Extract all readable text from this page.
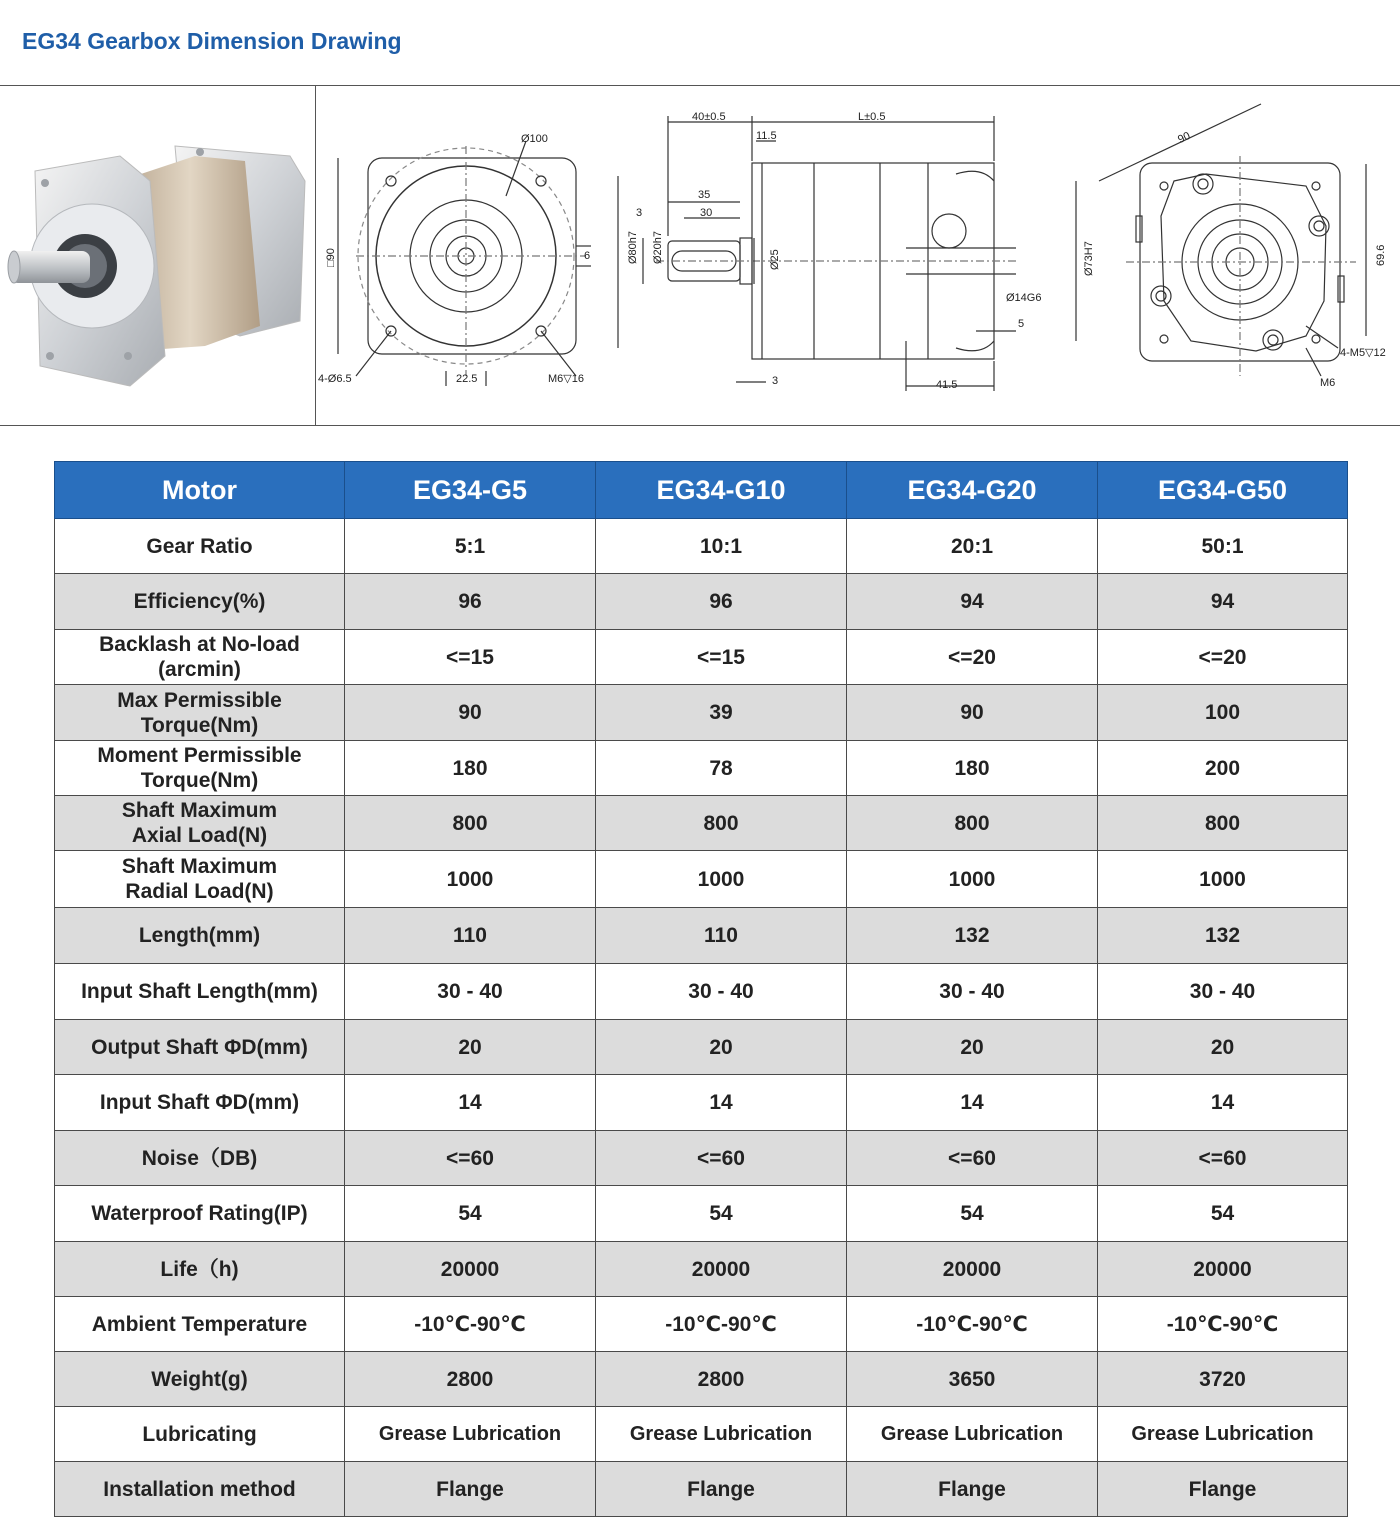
EG34 Gearbox Dimension Drawing
Ø100
□90	6
4-Ø6.5	22.5	M6▽16
40±0.5	L±0.5
11.5
35
30
3
Ø80h7 Ø20h7	Ø25	Ø73H7
Ø14G6
5
3	41.5
90
69.6
4-M5▽12
M6
Motor	EG34-G5	EG34-G10	EG34-G20	EG34-G50
Gear Ratio	5:1	10:1	20:1	50:1
Efficiency(%)	96	96	94	94
Backlash at No-load
(arcmin)	<=15	<=15	<=20	<=20
Max Permissible
Torque(Nm)	90	39	90	100
Moment Permissible
Torque(Nm)	180	78	180	200
Shaft Maximum
Axial Load(N)	800	800	800	800
Shaft Maximum
Radial Load(N)	1000	1000	1000	1000
Length(mm)	110	110	132	132
Input Shaft Length(mm)	30 - 40	30 - 40	30 - 40	30 - 40
Output Shaft ΦD(mm)	20	20	20	20
Input Shaft ΦD(mm)	14	14	14	14
Noise（DB)	<=60	<=60	<=60	<=60
Waterproof Rating(IP)	54	54	54	54
Life（h)	20000	20000	20000	20000
Ambient Temperature	-10℃-90℃	-10℃-90℃	-10℃-90℃	-10℃-90℃
Weight(g)	2800	2800	3650	3720
Lubricating	Grease Lubrication	Grease Lubrication	Grease Lubrication	Grease Lubrication
Installation method	Flange	Flange	Flange	Flange
